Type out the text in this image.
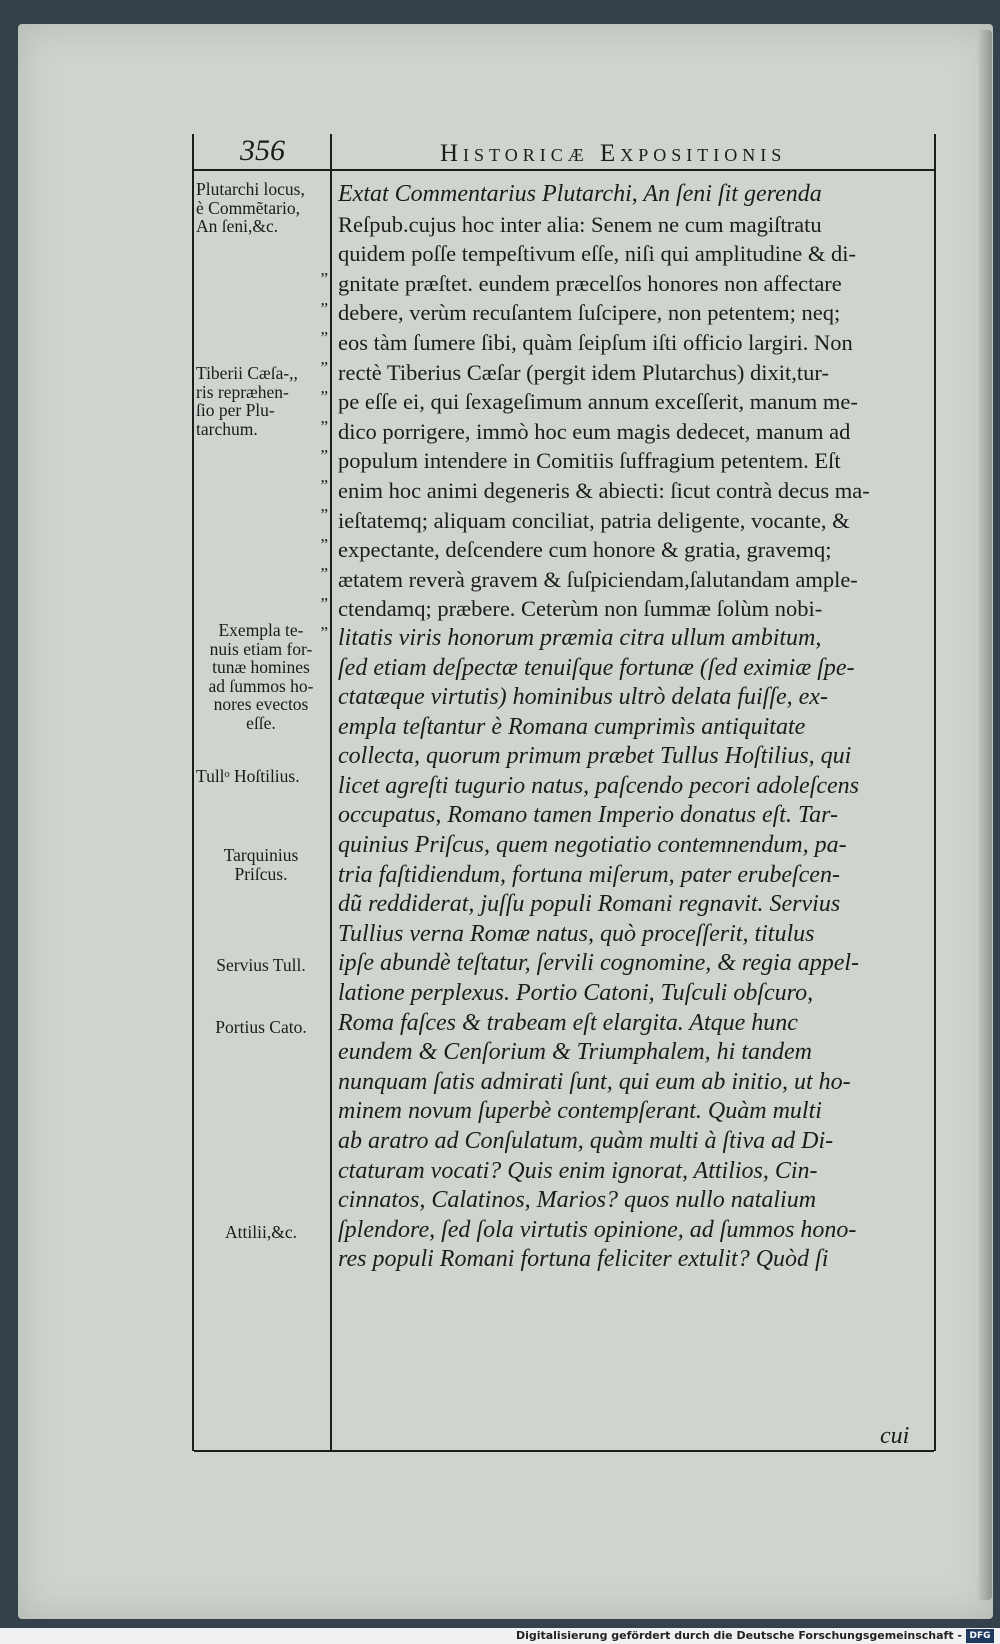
356	Historicæ Expositionis
Plutarchi locus,
è Commẽtario,
An ſeni,&c.
Tiberii Cæſa-,,
ris repræhen-
ſio per Plu-
tarchum.
Exempla te-
nuis etiam for-
tunæ homines
ad ſummos ho-
nores evectos
eſſe.
Tullᵒ Hoſtilius.
Tarquinius
Priſcus.
Servius Tull.
Portius Cato.
Attilii,&c.
„
„
„
„
„
„
„
„
„
„
„
„
„
Extat Commentarius Plutarchi, An ſeni ſit gerenda
Reſpub.cujus hoc inter alia: Senem ne cum magiſtratu
quidem poſſe tempeſtivum eſſe, niſi qui amplitudine & di-
gnitate præſtet. eundem præcelſos honores non affectare
debere, verùm recuſantem ſuſcipere, non petentem; neq;
eos tàm ſumere ſibi, quàm ſeipſum iſti officio largiri. Non
rectè Tiberius Cæſar (pergit idem Plutarchus) dixit,tur-
pe eſſe ei, qui ſexageſimum annum exceſſerit, manum me-
dico porrigere, immò hoc eum magis dedecet, manum ad
populum intendere in Comitiis ſuffragium petentem. Eſt
enim hoc animi degeneris & abiecti: ſicut contrà decus ma-
ieſtatemq; aliquam conciliat, patria deligente, vocante, &
expectante, deſcendere cum honore & gratia, gravemq;
ætatem reverà gravem & ſuſpiciendam,ſalutandam ample-
ctendamq; præbere. Ceterùm non ſummæ ſolùm nobi-
litatis viris honorum præmia citra ullum ambitum,
ſed etiam deſpectæ tenuiſque fortunæ (ſed eximiæ ſpe-
ctatæque virtutis) hominibus ultrò delata fuiſſe, ex-
empla teſtantur è Romana cumprimìs antiquitate
collecta, quorum primum præbet Tullus Hoſtilius, qui
licet agreſti tugurio natus, paſcendo pecori adoleſcens
occupatus, Romano tamen Imperio donatus eſt. Tar-
quinius Priſcus, quem negotiatio contemnendum, pa-
tria faſtidiendum, fortuna miſerum, pater erubeſcen-
dũ reddiderat, juſſu populi Romani regnavit. Servius
Tullius verna Romæ natus, quò proceſſerit, titulus
ipſe abundè teſtatur, ſervili cognomine, & regia appel-
latione perplexus. Portio Catoni, Tuſculi obſcuro,
Roma faſces & trabeam eſt elargita. Atque hunc
eundem & Cenſorium & Triumphalem, hi tandem
nunquam ſatis admirati ſunt, qui eum ab initio, ut ho-
minem novum ſuperbè contempſerant. Quàm multi
ab aratro ad Conſulatum, quàm multi à ſtiva ad Di-
ctaturam vocati? Quis enim ignorat, Attilios, Cin-
cinnatos, Calatinos, Marios? quos nullo natalium
ſplendore, ſed ſola virtutis opinione, ad ſummos hono-
res populi Romani fortuna feliciter extulit? Quòd ſi
cui
Digitalisierung gefördert durch die Deutsche Forschungsgemeinschaft - DFG
